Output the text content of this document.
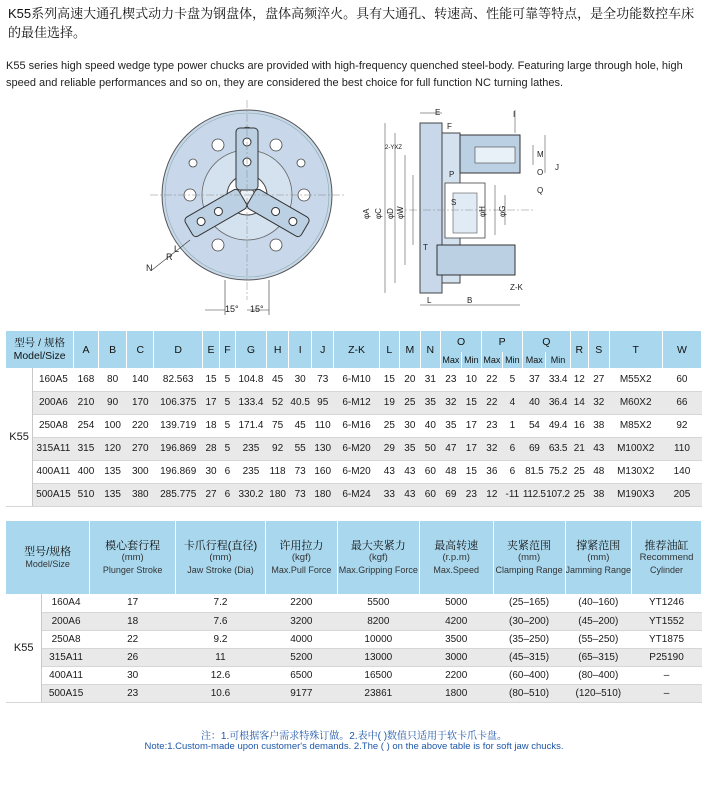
K55系列高速大通孔楔式动力卡盘为钢盘体，盘体高频淬火。具有大通孔、转速高、性能可靠等特点，是全功能数控车床的最佳选择。
K55 series high speed wedge type power chucks are provided with high-frequency quenched steel-body. Featuring large through hole, high speed and reliable performances and so on, they are considered the best choice for full function NC turning lathes.
15° 15°
N
R
L
E
F
I
J
M
O
Q
P
S
T
L	B
Z-K
φA φC φD φW	φH φG
2-YXZ
型号 / 规格
Model/Size		A	B	C	D	E	F	G	H	I	J	Z-K	L	M	N	O		P		Q		R	S	T	W
																Max	Min	Max	Min	Max	Min				
K55	160A5	168	80	140	82.563	15	5	104.8	45	30	73	6-M10	15	20	31	23	10	22	5	37	33.4	12	27	M55X2	60
	200A6	210	90	170	106.375	17	5	133.4	52	40.5	95	6-M12	19	25	35	32	15	22	4	40	36.4	14	32	M60X2	66
	250A8	254	100	220	139.719	18	5	171.4	75	45	110	6-M16	25	30	40	35	17	23	1	54	49.4	16	38	M85X2	92
	315A11	315	120	270	196.869	28	5	235	92	55	130	6-M20	29	35	50	47	17	32	6	69	63.5	21	43	M100X2	110
	400A11	400	135	300	196.869	30	6	235	118	73	160	6-M20	43	43	60	48	15	36	6	81.5	75.2	25	48	M130X2	140
	500A15	510	135	380	285.775	27	6	330.2	180	73	180	6-M24	33	43	60	69	23	12	-11	112.5	107.2	25	38	M190X3	205
型号/规格
Model/Size		模心套行程
(mm)
Plunger Stroke	卡爪行程(直径)
(mm)
Jaw Stroke (Dia)	许用拉力
(kgf)
Max.Pull Force	最大夹紧力
(kgf)
Max.Gripping Force	最高转速
(r.p.m)
Max.Speed	夹紧范围
(mm)
Clamping Range	撑紧范围
(mm)
Jamming Range	推荐油缸
Recommend
Cylinder

K55	160A4	17	7.2	2200	5500	5000	(25–165)	(40–160)	YT1246
	200A6	18	7.6	3200	8200	4200	(30–200)	(45–200)	YT1552
	250A8	22	9.2	4000	10000	3500	(35–250)	(55–250)	YT1875
	315A11	26	11	5200	13000	3000	(45–315)	(65–315)	P25190
	400A11	30	12.6	6500	16500	2200	(60–400)	(80–400)	–
	500A15	23	10.6	9177	23861	1800	(80–510)	(120–510)	–
注：1.可根据客户需求特殊订做。2.表中( )数值只适用于软卡爪卡盘。
Note:1.Custom-made upon customer's demands. 2.The ( ) on the above table is for soft jaw chucks.
